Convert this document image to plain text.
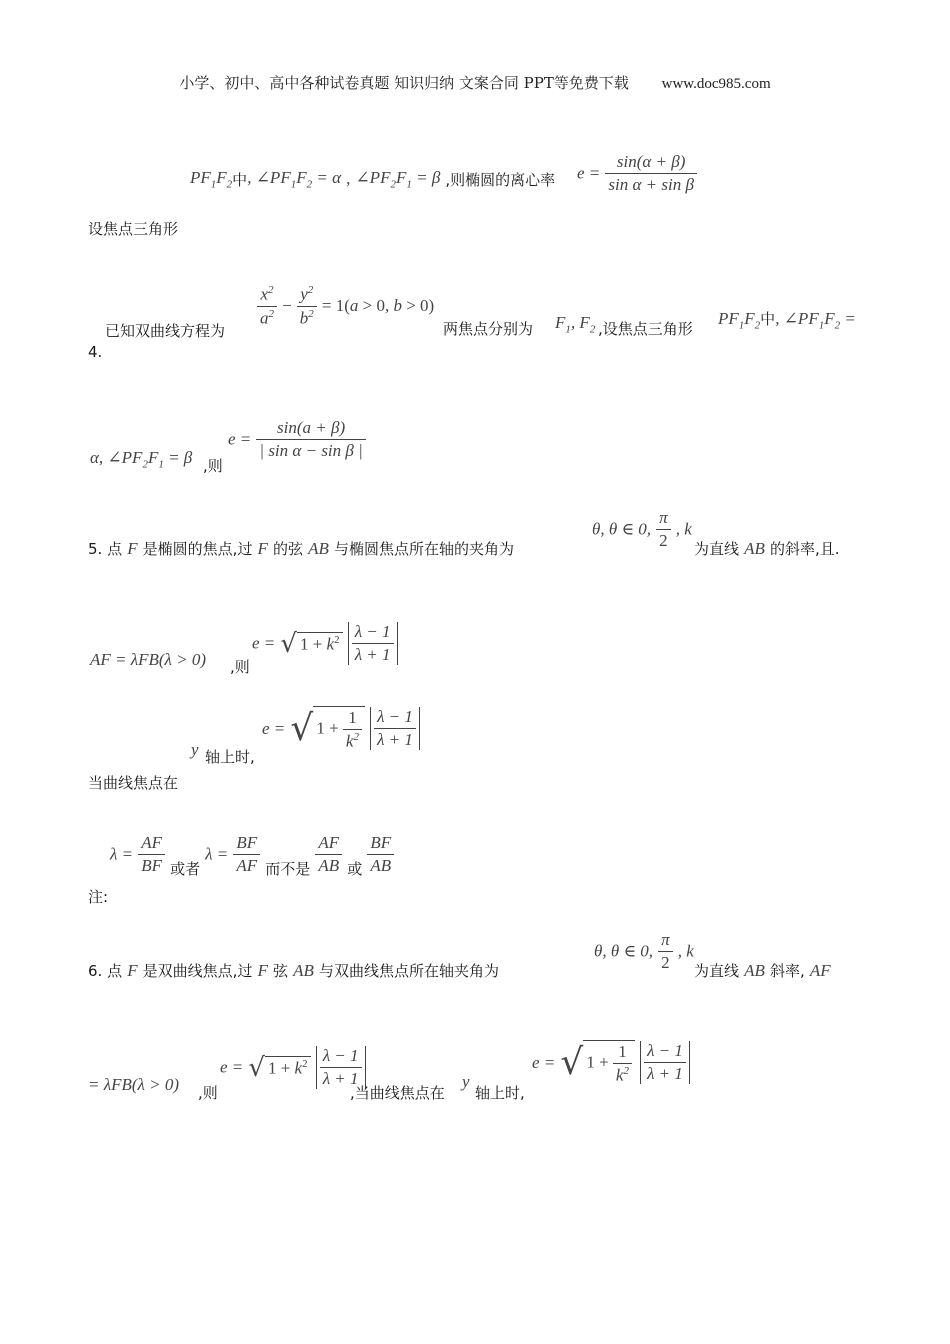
小学、初中、高中各种试卷真题 知识归纳 文案合同 PPT等免费下载 www.doc985.com
$PF_1F_2$中, $\angle PF_1F_2 = \alpha$ , $\angle PF_2F_1 = \beta$ ,则椭圆的离心率 $e = \frac{\sin(\alpha + \beta)}{\text{sin α + sin β}}$
设焦点三角形
已知双曲线方程为
$\frac{x^2}{a^2} - \frac{y^2}{b^2} = 1(a > 0$, b > 0)
两焦点分别为 $F_1$, $F_2$ ,设焦点三角形
$PF_1F_2$中, $\angle PF_1F_2$ =
4.
α, $\angle PF_2F_1 = \beta$ ,则
$e = \frac{\sin(a + \beta)}{\text{| sin α − sin β |}}$
5. 点 F 是椭圆的焦点,过 F 的弦 AB 与椭圆焦点所在轴的夹角为
θ, θ ∈ 0, $\frac{\pi}{2}$ , k
为直线 AB 的斜率,且.
AF = λFB(λ > 0) ,则
e = √ $1 + k^2 \frac{\lambda - 1}{\lambda + 1}$
y 轴上时,
e = √ $1 + \frac{1}{k^2}$
$\frac{\lambda - 1}{\lambda + 1}$
当曲线焦点在
$\lambda = \frac{AF}{BF}$ 或者 $\lambda = \frac{BF}{AF}$ 而不是 $\frac{AF}{AB}$ 或 $\frac{BF}{AB}$
注:
6. 点 F 是双曲线焦点,过 F 弦 AB 与双曲线焦点所在轴夹角为
θ, θ ∈ 0, $\frac{\pi}{2}$ , k
为直线 AB 斜率, AF
= λFB(λ > 0) ,则
e = √ $1 + k^2 \frac{\lambda - 1}{\lambda + 1}$
,当曲线焦点在
y
轴上时,
e = √ $1 + \frac{1}{k^2}$
$\frac{\lambda - 1}{\lambda + 1}$
